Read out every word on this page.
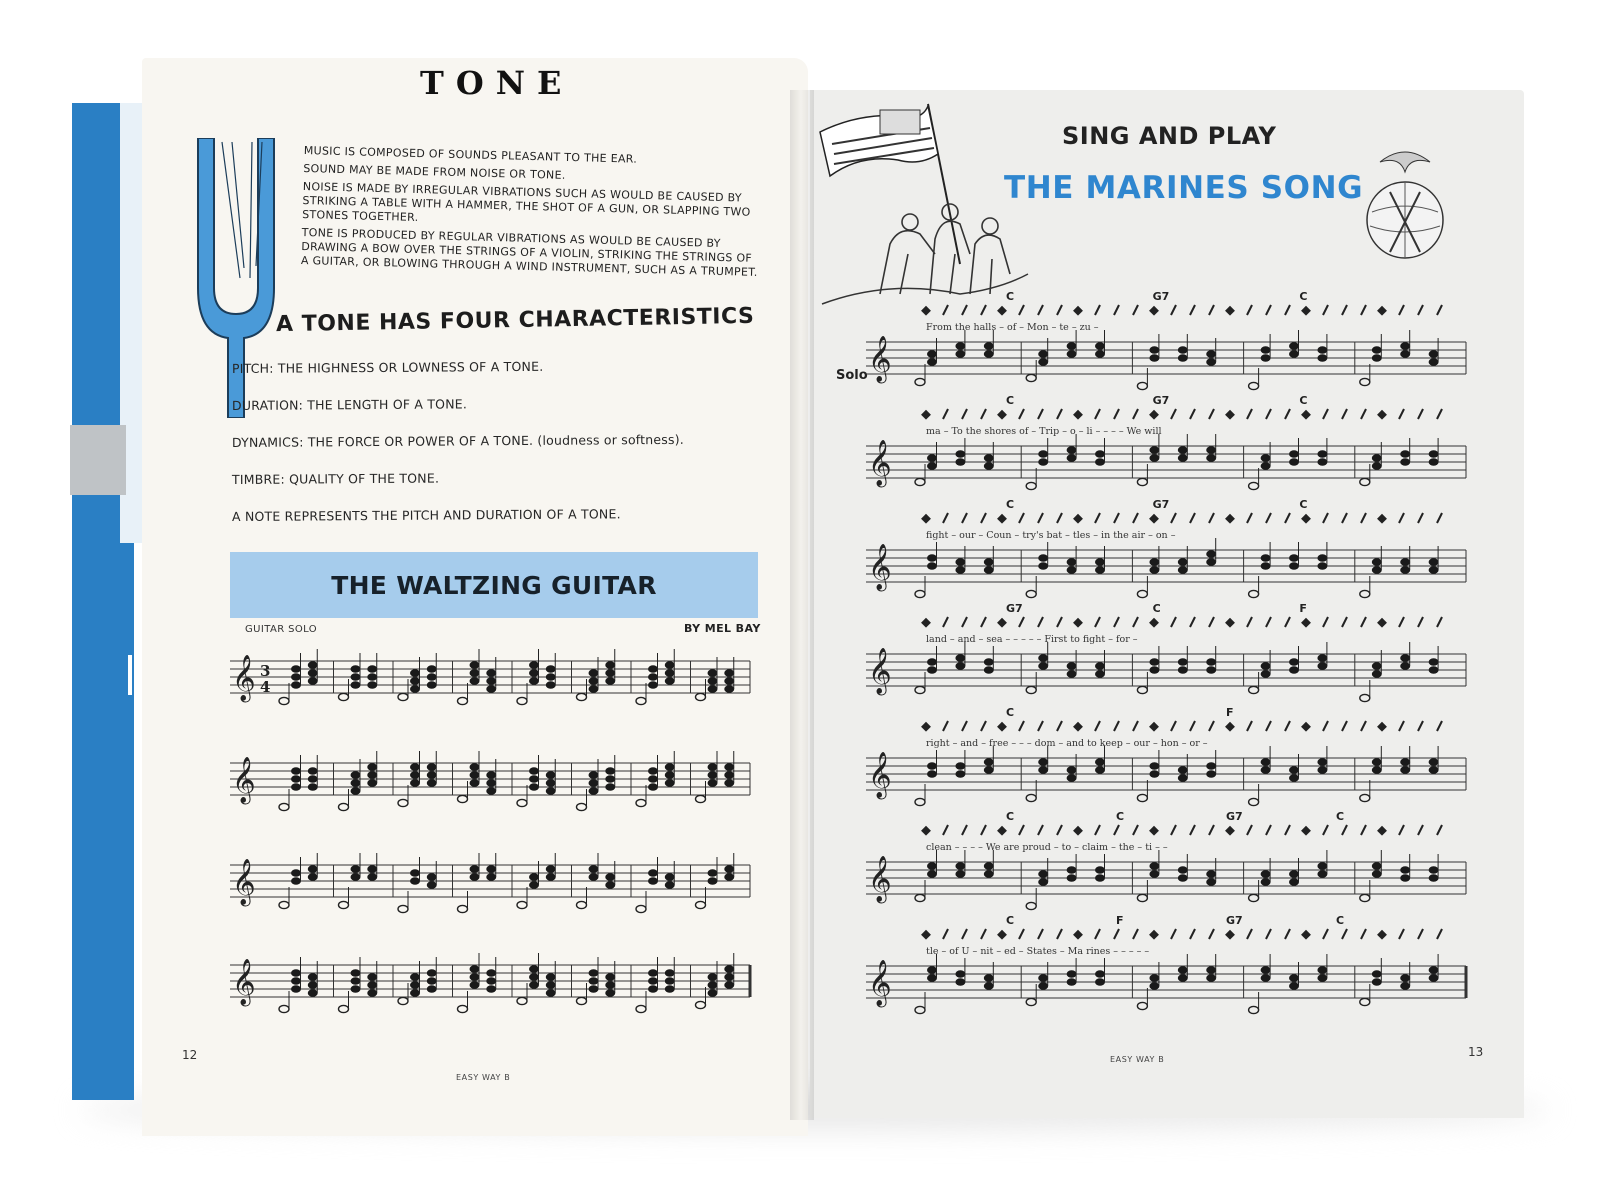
TONE

MUSIC IS COMPOSED OF SOUNDS PLEASANT TO THE EAR.

SOUND MAY BE MADE FROM NOISE OR TONE.

NOISE IS MADE BY IRREGULAR VIBRATIONS SUCH AS WOULD BE CAUSED BY STRIKING A TABLE WITH A HAMMER, THE SHOT OF A GUN, OR SLAPPING TWO STONES TOGETHER.

TONE IS PRODUCED BY REGULAR VIBRATIONS AS WOULD BE CAUSED BY DRAWING A BOW OVER THE STRINGS OF A VIOLIN, STRIKING THE STRINGS OF A GUITAR, OR BLOWING THROUGH A WIND INSTRUMENT, SUCH AS A TRUMPET.

A TONE HAS FOUR CHARACTERISTICS
PITCH: THE HIGHNESS OR LOWNESS OF A TONE.
DURATION: THE LENGTH OF A TONE.
DYNAMICS: THE FORCE OR POWER OF A TONE. (loudness or softness).
TIMBRE: QUALITY OF THE TONE.
A NOTE REPRESENTS THE PITCH AND DURATION OF A TONE.
THE WALTZING GUITAR
GUITAR SOLO	BY MEL BAY
𝄞
𝄞
𝄞
𝄞
3
4
12
EASY WAY B
SING AND PLAY
THE MARINES SONG
Solo
C	G7	C
From the halls – of – Mon – te – zu –
𝄞
C	G7	C
ma – To the shores of – Trip – o – li – – – – We will
𝄞
C	G7	C
fight – our – Coun – try's bat – tles – in the air – on –
𝄞
G7	C	F
land – and – sea – – – – – First to fight – for –
𝄞
C	F
right – and – free – – – dom – and to keep – our – hon – or –
𝄞
C	C	G7	C
clean – – – – We are proud – to – claim – the – ti – –
𝄞
C	F	G7	C
tle – of U – nit – ed – States – Ma rines – – – – –
𝄞
13
EASY WAY B
